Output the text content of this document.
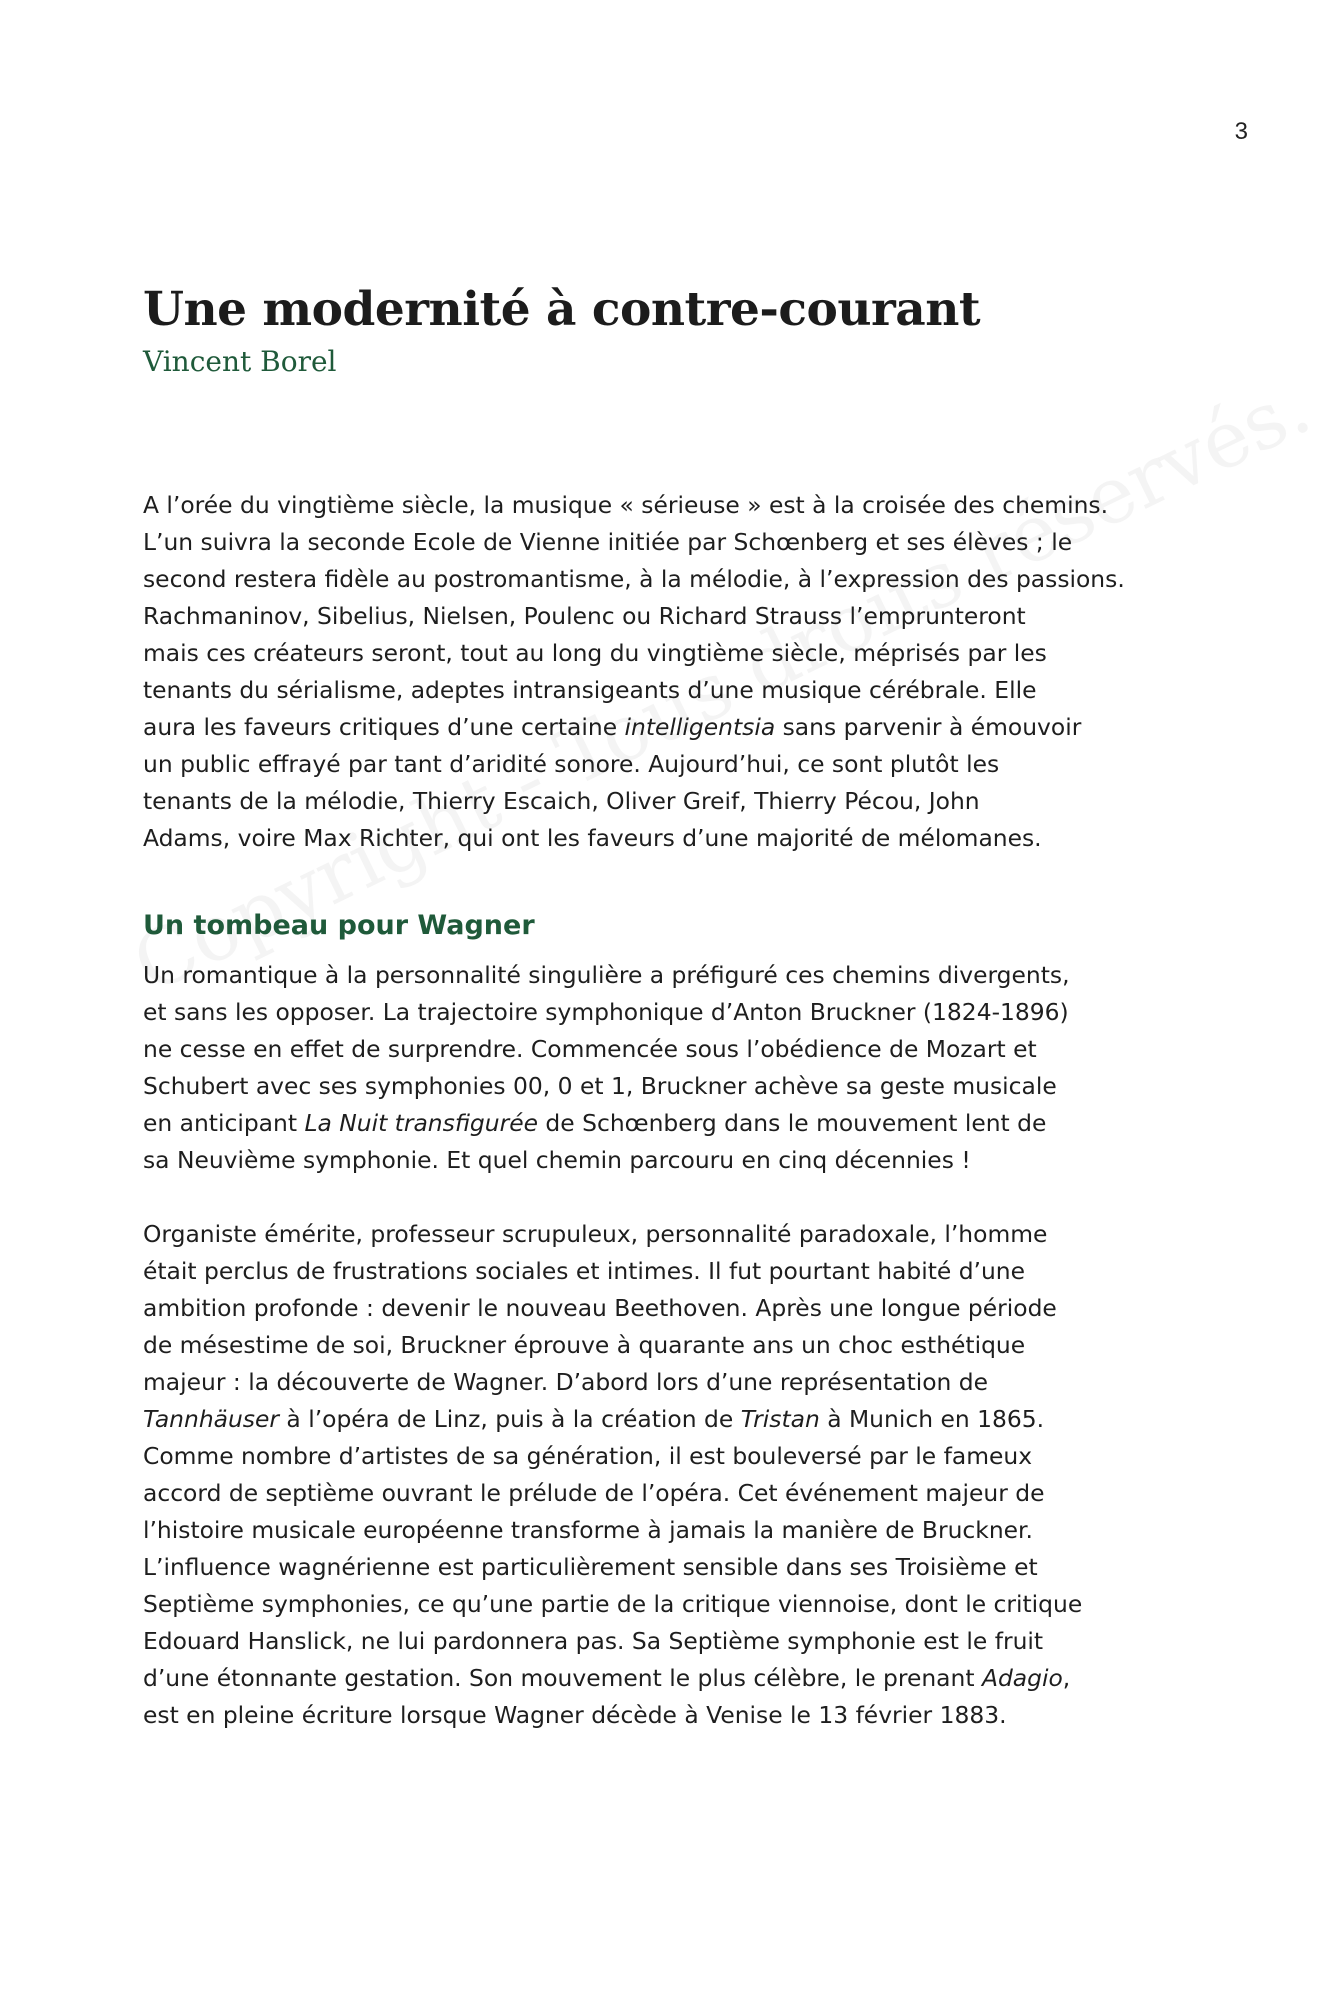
3
Une modernité à contre-courant
Vincent Borel

A l’orée du vingtième siècle, la musique « sérieuse » est à la croisée des chemins.
L’un suivra la seconde Ecole de Vienne initiée par Schœnberg et ses élèves ; le
second restera fidèle au postromantisme, à la mélodie, à l’expression des passions.
Rachmaninov, Sibelius, Nielsen, Poulenc ou Richard Strauss l’emprunteront
mais ces créateurs seront, tout au long du vingtième siècle, méprisés par les
tenants du sérialisme, adeptes intransigeants d’une musique cérébrale. Elle
aura les faveurs critiques d’une certaine intelligentsia sans parvenir à émouvoir
un public effrayé par tant d’aridité sonore. Aujourd’hui, ce sont plutôt les
tenants de la mélodie, Thierry Escaich, Oliver Greif, Thierry Pécou, John
Adams, voire Max Richter, qui ont les faveurs d’une majorité de mélomanes.

Un tombeau pour Wagner

Un romantique à la personnalité singulière a préfiguré ces chemins divergents,
et sans les opposer. La trajectoire symphonique d’Anton Bruckner (1824-1896)
ne cesse en effet de surprendre. Commencée sous l’obédience de Mozart et
Schubert avec ses symphonies 00, 0 et 1, Bruckner achève sa geste musicale
en anticipant La Nuit transfigurée de Schœnberg dans le mouvement lent de
sa Neuvième symphonie. Et quel chemin parcouru en cinq décennies !

Organiste émérite, professeur scrupuleux, personnalité paradoxale, l’homme
était perclus de frustrations sociales et intimes. Il fut pourtant habité d’une
ambition profonde : devenir le nouveau Beethoven. Après une longue période
de mésestime de soi, Bruckner éprouve à quarante ans un choc esthétique
majeur : la découverte de Wagner. D’abord lors d’une représentation de
Tannhäuser à l’opéra de Linz, puis à la création de Tristan à Munich en 1865.
Comme nombre d’artistes de sa génération, il est bouleversé par le fameux
accord de septième ouvrant le prélude de l’opéra. Cet événement majeur de
l’histoire musicale européenne transforme à jamais la manière de Bruckner.
L’influence wagnérienne est particulièrement sensible dans ses Troisième et
Septième symphonies, ce qu’une partie de la critique viennoise, dont le critique
Edouard Hanslick, ne lui pardonnera pas. Sa Septième symphonie est le fruit
d’une étonnante gestation. Son mouvement le plus célèbre, le prenant Adagio,
est en pleine écriture lorsque Wagner décède à Venise le 13 février 1883.
